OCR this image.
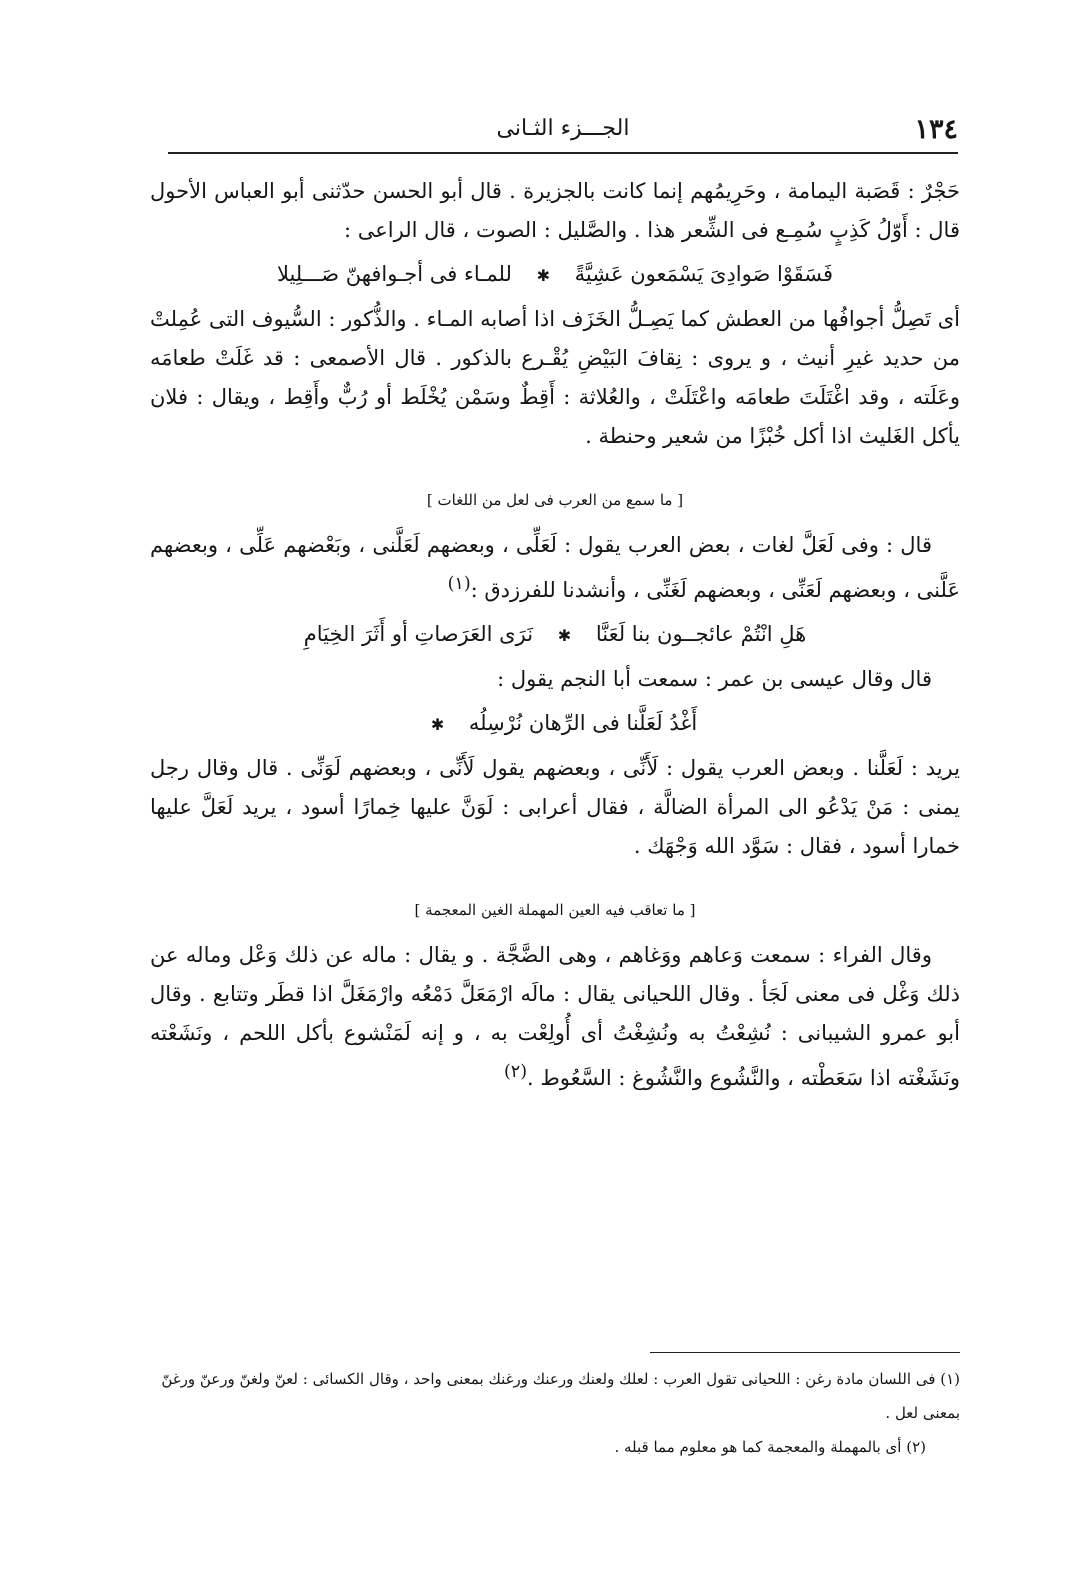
١٣٤
الجـــزء الثـانى

حَجْرٌ : قَصَبة اليمامة ، وحَرِيمُهم إنما كانت بالجزيرة . قال أبو الحسن حدّثنى أبو العباس الأحول قال : أَوّلُ كَذِبٍ سُمِـع فى الشِّعر هذا . والصَّليل : الصوت ، قال الراعى :

فَسَقَوْا صَوادِىَ يَسْمَعون عَشِيَّةً ✱ للمـاء فى أجـوافهنّ صَـــلِيلا

أى تَصِلُّ أجوافُها من العطش كما يَصِـلُّ الخَزَف اذا أصابه المـاء . والذُّكور : السُّيوف التى عُمِلتْ من حديد غيرِ أنيث ، و يروى : نِقافَ البَيْضِ يُقْـرع بالذكور . قال الأصمعى : قد غَلَتْ طعامَه وعَلَته ، وقد اغْتَلَتَ طعامَه واعْتَلَتْ ، والعُلاثة : أَقِطٌ وسَمْن يُخْلَط أو رُبٌّ وأَقِط ، ويقال : فلان يأكل الغَليث اذا أكل خُبْزًا من شعير وحنطة .

[ ما سمع من العرب فى لعل من اللغات ]

قال : وفى لَعَلَّ لغات ، بعض العرب يقول : لَعَلِّى ، وبعضهم لَعَلَّنى ، وبَعْضهم عَلِّى ، وبعضهم عَلَّنى ، وبعضهم لَعَنِّى ، وبعضهم لَغَنِّى ، وأنشدنا للفرزدق :$^{(١)}$

هَلِ انْتُمْ عائجــون بنا لَعَنَّا ✱ نَرَى العَرَصاتِ أو أَثَرَ الخِيَامِ

قال وقال عيسى بن عمر : سمعت أبا النجم يقول :

أَغْدُ لَعَلَّنا فى الرِّهان نُرْسِلُه ✱

يريد : لَعَلَّنا . وبعض العرب يقول : لَأَنِّى ، وبعضهم يقول لَأَنِّى ، وبعضهم لَوَنِّى . قال وقال رجل يمنى : مَنْ يَدْعُو الى المرأة الضالَّة ، فقال أعرابى : لَوَنَّ عليها خِمارًا أسود ، يريد لَعَلَّ عليها خمارا أسود ، فقال : سَوَّد الله وَجْهَك .

[ ما تعاقب فيه العين المهملة الغين المعجمة ]

وقال الفراء : سمعت وَعاهم ووَغاهم ، وهى الضَّجَّة . و يقال : ماله عن ذلك وَعْل وماله عن ذلك وَغْل فى معنى لَجَأ . وقال اللحيانى يقال : مالَه ارْمَعَلَّ دَمْعُه وارْمَغَلَّ اذا قطَر وتتابع . وقال أبو عمرو الشيبانى : نُشِعْتُ به ونُشِغْتُ أى أُولِعْت به ، و إنه لَمَنْشوع بأكل اللحم ، ونَشَعْته ونَشَغْته اذا سَعَطْته ، والنَّشُوع والنَّشُوغ : السَّعُوط .$^{(٢)}$

(١) فى اللسان مادة رغن : اللحيانى تقول العرب : لعلك ولعنك ورعنك ورغنك بمعنى واحد ، وقال الكسائى : لعنّ ولغنّ ورعنّ ورغنّ بمعنى لعل .

(٢) أى بالمهملة والمعجمة كما هو معلوم مما قبله .
